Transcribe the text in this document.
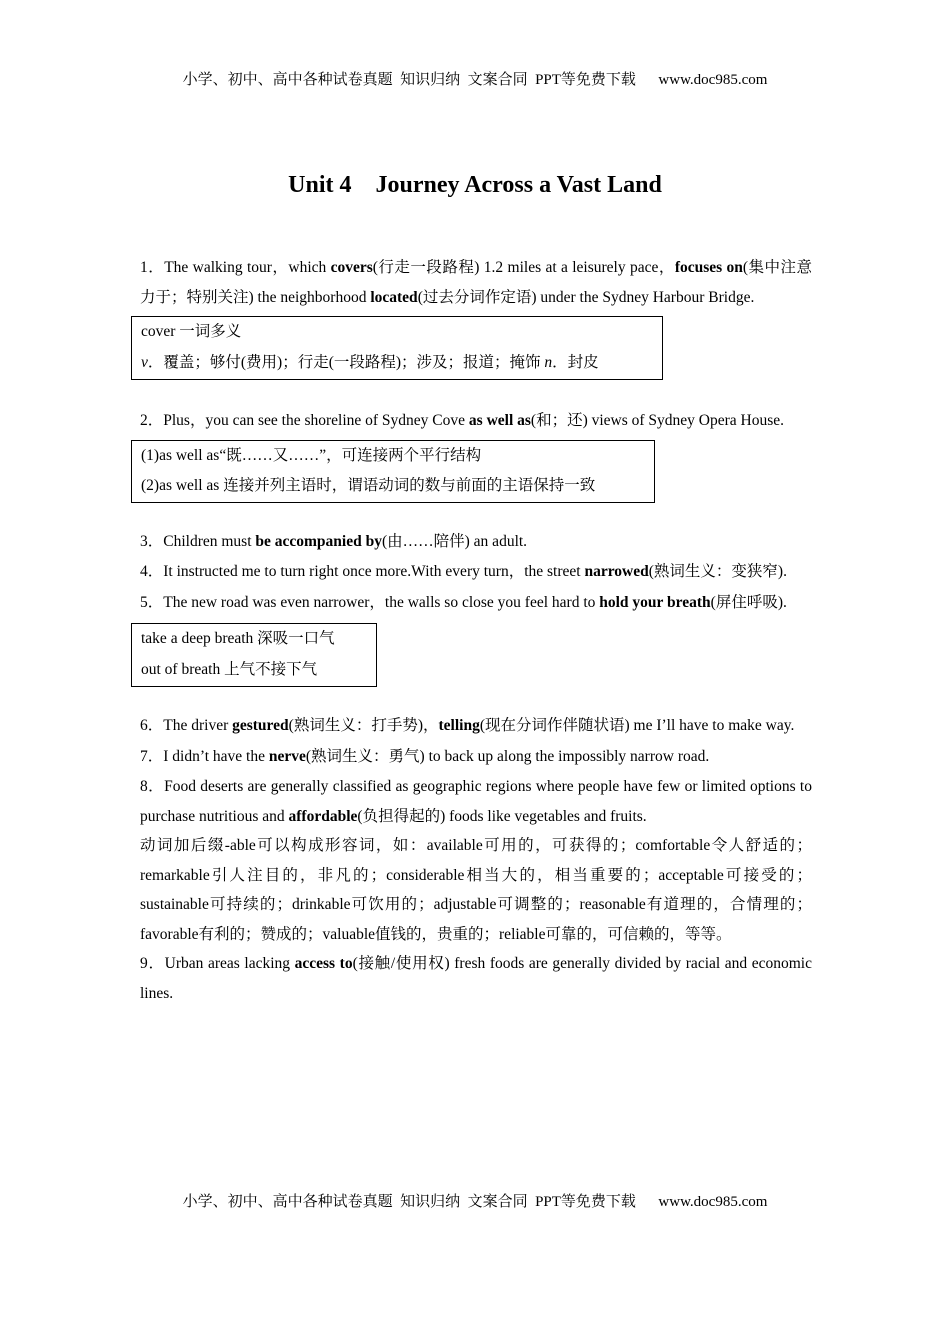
小学、初中、高中各种试卷真题  知识归纳  文案合同  PPT等免费下载      www.doc985.com
Unit 4    Journey Across a Vast Land

1．The walking tour，which covers(行走一段路程) 1.2 miles at a leisurely pace，focuses on(集中注意力于；特别关注) the neighborhood located(过去分词作定语) under the Sydney Harbour Bridge.

cover 一词多义
v．覆盖；够付(费用)；行走(一段路程)；涉及；报道；掩饰 n．封皮

2．Plus，you can see the shoreline of Sydney Cove as well as(和；还) views of Sydney Opera House.

(1)as well as“既……又……”，可连接两个平行结构
(2)as well as 连接并列主语时，谓语动词的数与前面的主语保持一致

3．Children must be accompanied by(由……陪伴) an adult.

4．It instructed me to turn right once more.With every turn，the street narrowed(熟词生义：变狭窄).

5．The new road was even narrower，the walls so close you feel hard to hold your breath(屏住呼吸).

take a deep breath 深吸一口气
out of breath 上气不接下气

6．The driver gestured(熟词生义：打手势)，telling(现在分词作伴随状语) me I’ll have to make way.

7．I didn’t have the nerve(熟词生义：勇气) to back up along the impossibly narrow road.

8．Food deserts are generally classified as geographic regions where people have few or limited options to purchase nutritious and affordable(负担得起的) foods like vegetables and fruits.

动词加后缀-able可以构成形容词，如：available可用的，可获得的；comfortable令人舒适的；remarkable引人注目的，非凡的；considerable相当大的，相当重要的；acceptable可接受的；sustainable可持续的；drinkable可饮用的；adjustable可调整的；reasonable有道理的，合情理的；favorable有利的；赞成的；valuable值钱的，贵重的；reliable可靠的，可信赖的，等等。

9．Urban areas lacking access to(接触/使用权) fresh foods are generally divided by racial and economic lines.

小学、初中、高中各种试卷真题  知识归纳  文案合同  PPT等免费下载      www.doc985.com
